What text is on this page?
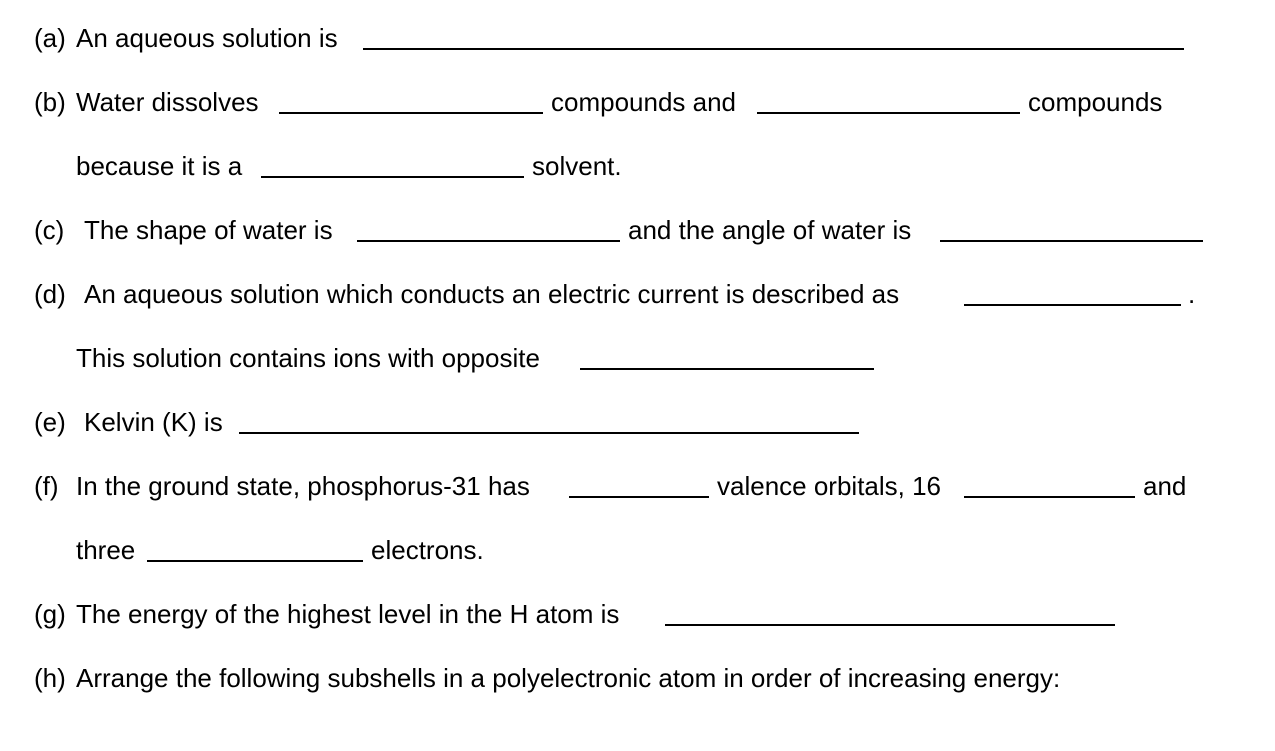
(a)

An aqueous solution is

(b)

Water dissolves

	compounds and

	compounds

because it is a

	solvent.

(c)

The shape of water is

	and the angle of water is

(d)

An aqueous solution which conducts an electric current is described as

	.

This solution contains ions with opposite

(e)

Kelvin (K) is

(f)

In the ground state, phosphorus-31 has

	valence orbitals, 16

	and

three

	electrons.

(g)

The energy of the highest level in the H atom is

(h)

Arrange the following subshells in a polyelectronic atom in order of increasing energy:
